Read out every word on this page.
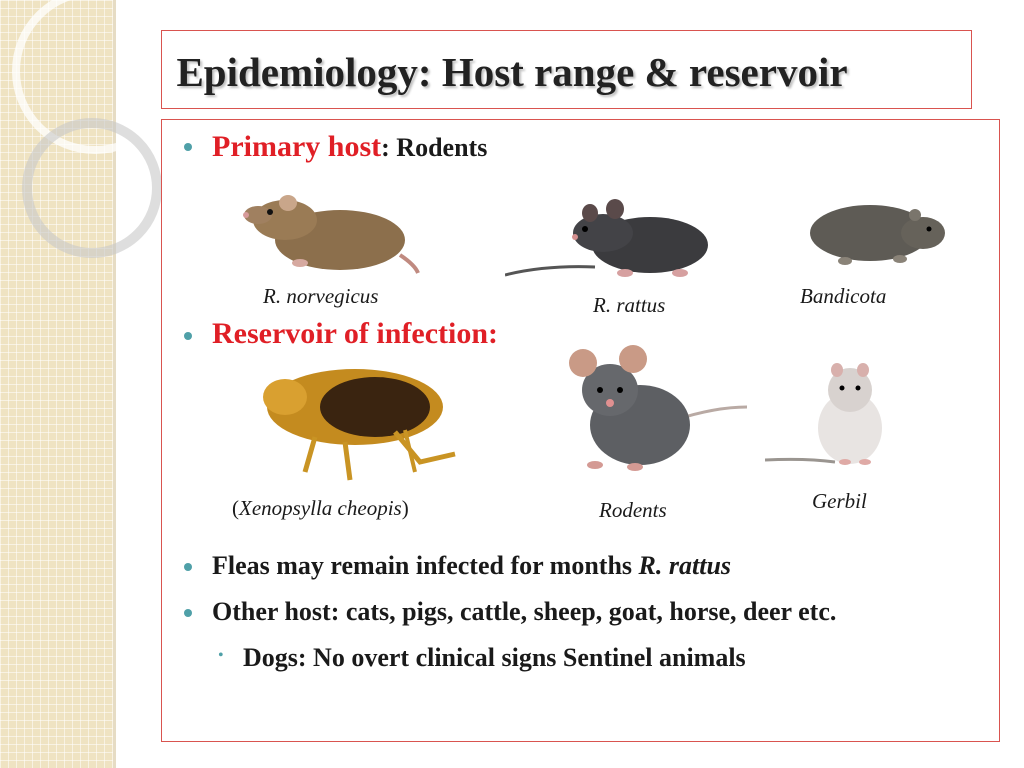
Epidemiology: Host range & reservoir
Primary host: Rodents
R. norvegicus	R. rattus	Bandicota
Reservoir of infection:
(Xenopsylla cheopis)	Rodents	Gerbil
Fleas may remain infected for months R. rattus
Other host: cats, pigs, cattle, sheep, goat, horse, deer etc.
• Dogs: No overt clinical signs Sentinel animals
